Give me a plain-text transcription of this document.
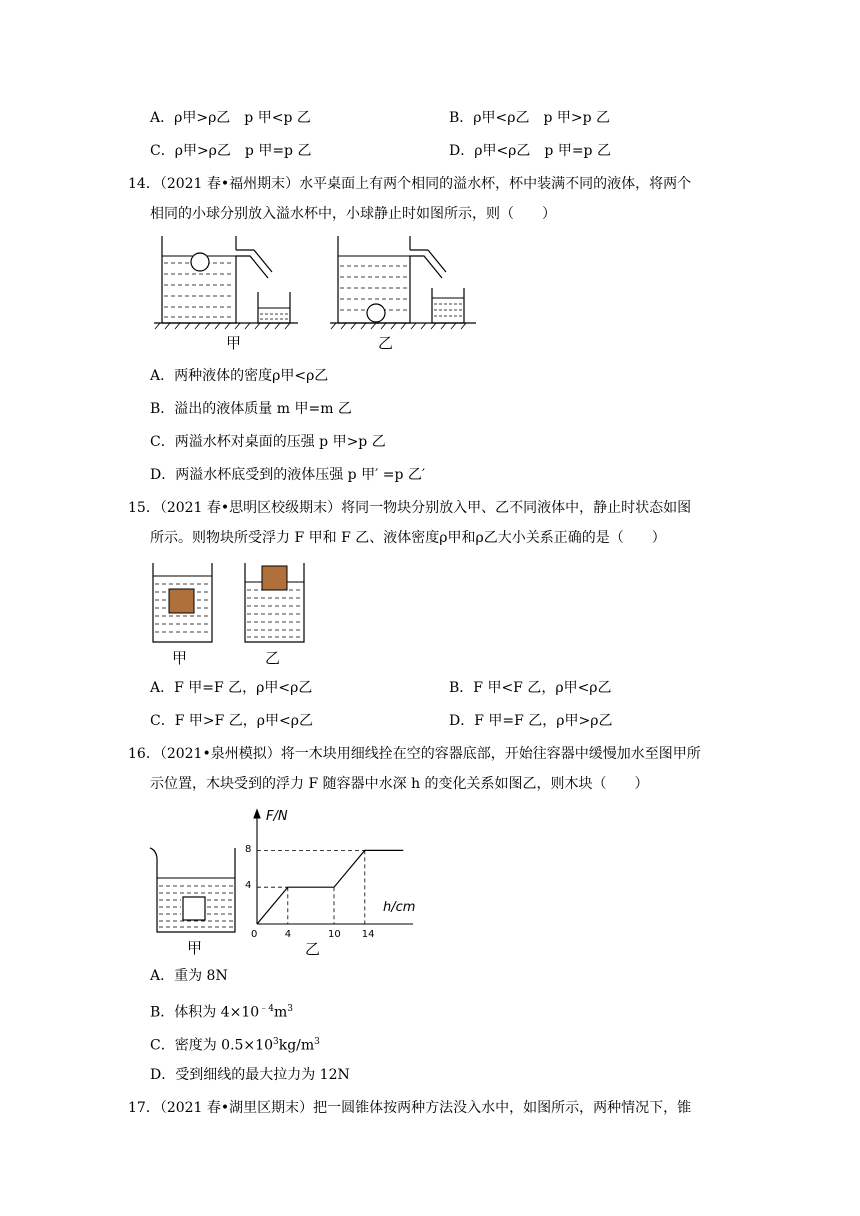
A．ρ甲>ρ乙　p 甲<p 乙	B．ρ甲<ρ乙　p 甲>p 乙
C．ρ甲>ρ乙　p 甲=p 乙	D．ρ甲<ρ乙　p 甲=p 乙
14．（2021 春•福州期末）水平桌面上有两个相同的溢水杯，杯中装满不同的液体，将两个
相同的小球分别放入溢水杯中，小球静止时如图所示，则（　　）
甲	乙
A．两种液体的密度ρ甲<ρ乙
B．溢出的液体质量 m 甲=m 乙
C．两溢水杯对桌面的压强 p 甲>p 乙
D．两溢水杯底受到的液体压强 p 甲′ =p 乙′
15．（2021 春•思明区校级期末）将同一物块分别放入甲、乙不同液体中，静止时状态如图
所示。则物块所受浮力 F 甲和 F 乙、液体密度ρ甲和ρ乙大小关系正确的是（　　）
甲	乙
A．F 甲=F 乙，ρ甲<ρ乙	B．F 甲<F 乙，ρ甲<ρ乙
C．F 甲>F 乙，ρ甲<ρ乙	D．F 甲=F 乙，ρ甲>ρ乙
16．（2021•泉州模拟）将一木块用细线拴在空的容器底部，开始往容器中缓慢加水至图甲所
示位置，木块受到的浮力 F 随容器中水深 h 的变化关系如图乙，则木块（　　）
甲
F/N
h/cm
0
8
4
4	10 14
乙
A．重为 8N
B．体积为 $4\times 10^{﹣4}m^3$
C．密度为 $0.5\times 10^3kg/m^3$
D．受到细线的最大拉力为 12N
17．（2021 春•湖里区期末）把一圆锥体按两种方法没入水中，如图所示，两种情况下，锥
